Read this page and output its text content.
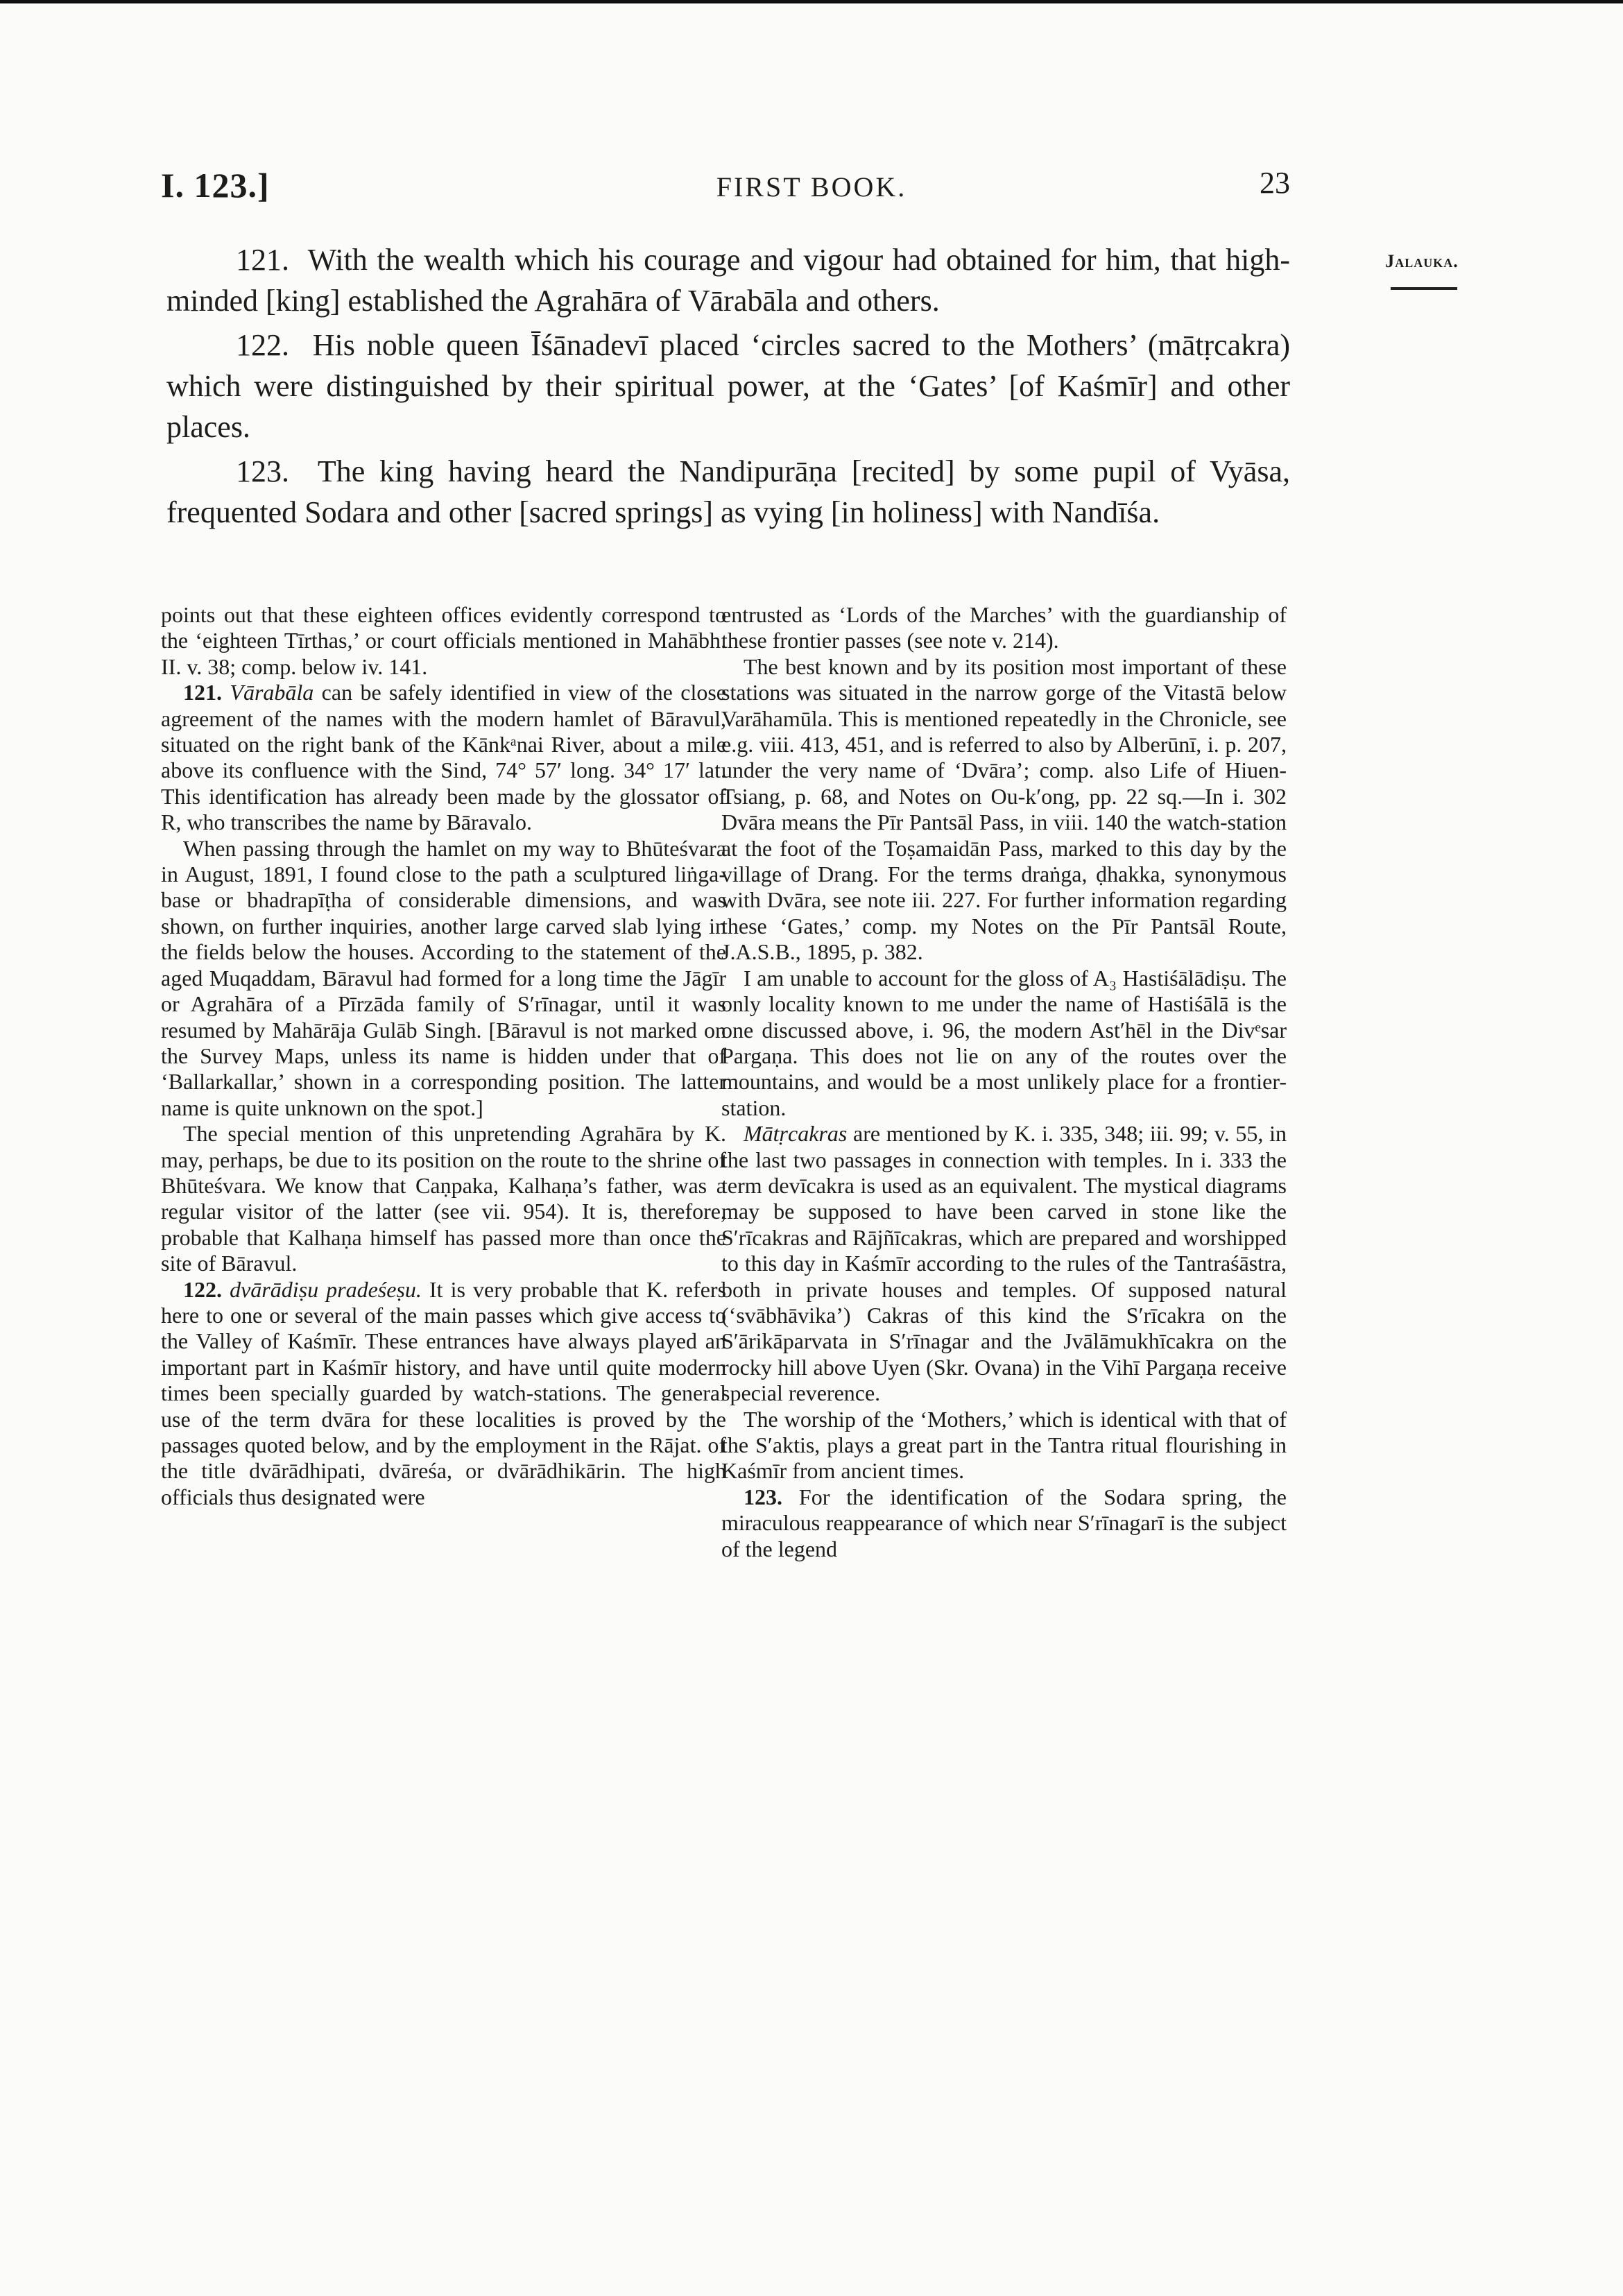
I. 123.]	FIRST BOOK.	23
Jalauka.

121. With the wealth which his courage and vigour had obtained for him, that high-minded [king] established the Agrahāra of Vārabāla and others.

122. His noble queen Īśānadevī placed ‘circles sacred to the Mothers’ (mātṛcakra) which were distinguished by their spiritual power, at the ‘Gates’ [of Kaśmīr] and other places.

123. The king having heard the Nandipurāṇa [recited] by some pupil of Vyāsa, frequented Sodara and other [sacred springs] as vying [in holiness] with Nandīśa.

points out that these eighteen offices evidently correspond to the ‘eighteen Tīrthas,’ or court officials mentioned in Mahābh. II. v. 38; comp. below iv. 141.

121. Vārabāla can be safely identified in view of the close agreement of the names with the modern hamlet of Bāravul, situated on the right bank of the Kānkᵃnai River, about a mile above its confluence with the Sind, 74° 57′ long. 34° 17′ lat. This identification has already been made by the glossator of R, who transcribes the name by Bāravalo.

When passing through the hamlet on my way to Bhūteśvara in August, 1891, I found close to the path a sculptured liṅga-base or bhadrapīṭha of considerable dimensions, and was shown, on further inquiries, another large carved slab lying in the fields below the houses. According to the statement of the aged Muqaddam, Bāravul had formed for a long time the Jāgīr or Agrahāra of a Pīrzāda family of S′rīnagar, until it was resumed by Mahārāja Gulāb Singh. [Bāravul is not marked on the Survey Maps, unless its name is hidden under that of ‘Ballarkallar,’ shown in a corresponding position. The latter name is quite unknown on the spot.]

The special mention of this unpretending Agrahāra by K. may, perhaps, be due to its position on the route to the shrine of Bhūteśvara. We know that Caṇpaka, Kalhaṇa’s father, was a regular visitor of the latter (see vii. 954). It is, therefore, probable that Kalhaṇa himself has passed more than once the site of Bāravul.

122. dvārādiṣu pradeśeṣu. It is very probable that K. refers here to one or several of the main passes which give access to the Valley of Kaśmīr. These entrances have always played an important part in Kaśmīr history, and have until quite modern times been specially guarded by watch-stations. The general use of the term dvāra for these localities is proved by the passages quoted below, and by the employment in the Rājat. of the title dvārādhipati, dvāreśa, or dvārādhikārin. The high officials thus designated were

entrusted as ‘Lords of the Marches’ with the guardianship of these frontier passes (see note v. 214).

The best known and by its position most important of these stations was situated in the narrow gorge of the Vitastā below Varāhamūla. This is mentioned repeatedly in the Chronicle, see e.g. viii. 413, 451, and is referred to also by Alberūnī, i. p. 207, under the very name of ‘Dvāra’; comp. also Life of Hiuen-Tsiang, p. 68, and Notes on Ou-k′ong, pp. 22 sq.—In i. 302 Dvāra means the Pīr Pantsāl Pass, in viii. 140 the watch-station at the foot of the Toṣamaidān Pass, marked to this day by the village of Drang. For the terms draṅga, ḍhakka, synonymous with Dvāra, see note iii. 227. For further information regarding these ‘Gates,’ comp. my Notes on the Pīr Pantsāl Route, J.A.S.B., 1895, p. 382.

I am unable to account for the gloss of A₃ Hastiśālādiṣu. The only locality known to me under the name of Hastiśālā is the one discussed above, i. 96, the modern Ast′hēl in the Divᵉsar Pargaṇa. This does not lie on any of the routes over the mountains, and would be a most unlikely place for a frontier-station.

Mātṛcakras are mentioned by K. i. 335, 348; iii. 99; v. 55, in the last two passages in connection with temples. In i. 333 the term devīcakra is used as an equivalent. The mystical diagrams may be supposed to have been carved in stone like the S′rīcakras and Rājñīcakras, which are prepared and worshipped to this day in Kaśmīr according to the rules of the Tantraśāstra, both in private houses and temples. Of supposed natural (‘svābhāvika’) Cakras of this kind the S′rīcakra on the S′ārikāparvata in S′rīnagar and the Jvālāmukhīcakra on the rocky hill above Uyen (Skr. Ovana) in the Vihī Pargaṇa receive special reverence.

The worship of the ‘Mothers,’ which is identical with that of the S′aktis, plays a great part in the Tantra ritual flourishing in Kaśmīr from ancient times.

123. For the identification of the Sodara spring, the miraculous reappearance of which near S′rīnagarī is the subject of the legend
